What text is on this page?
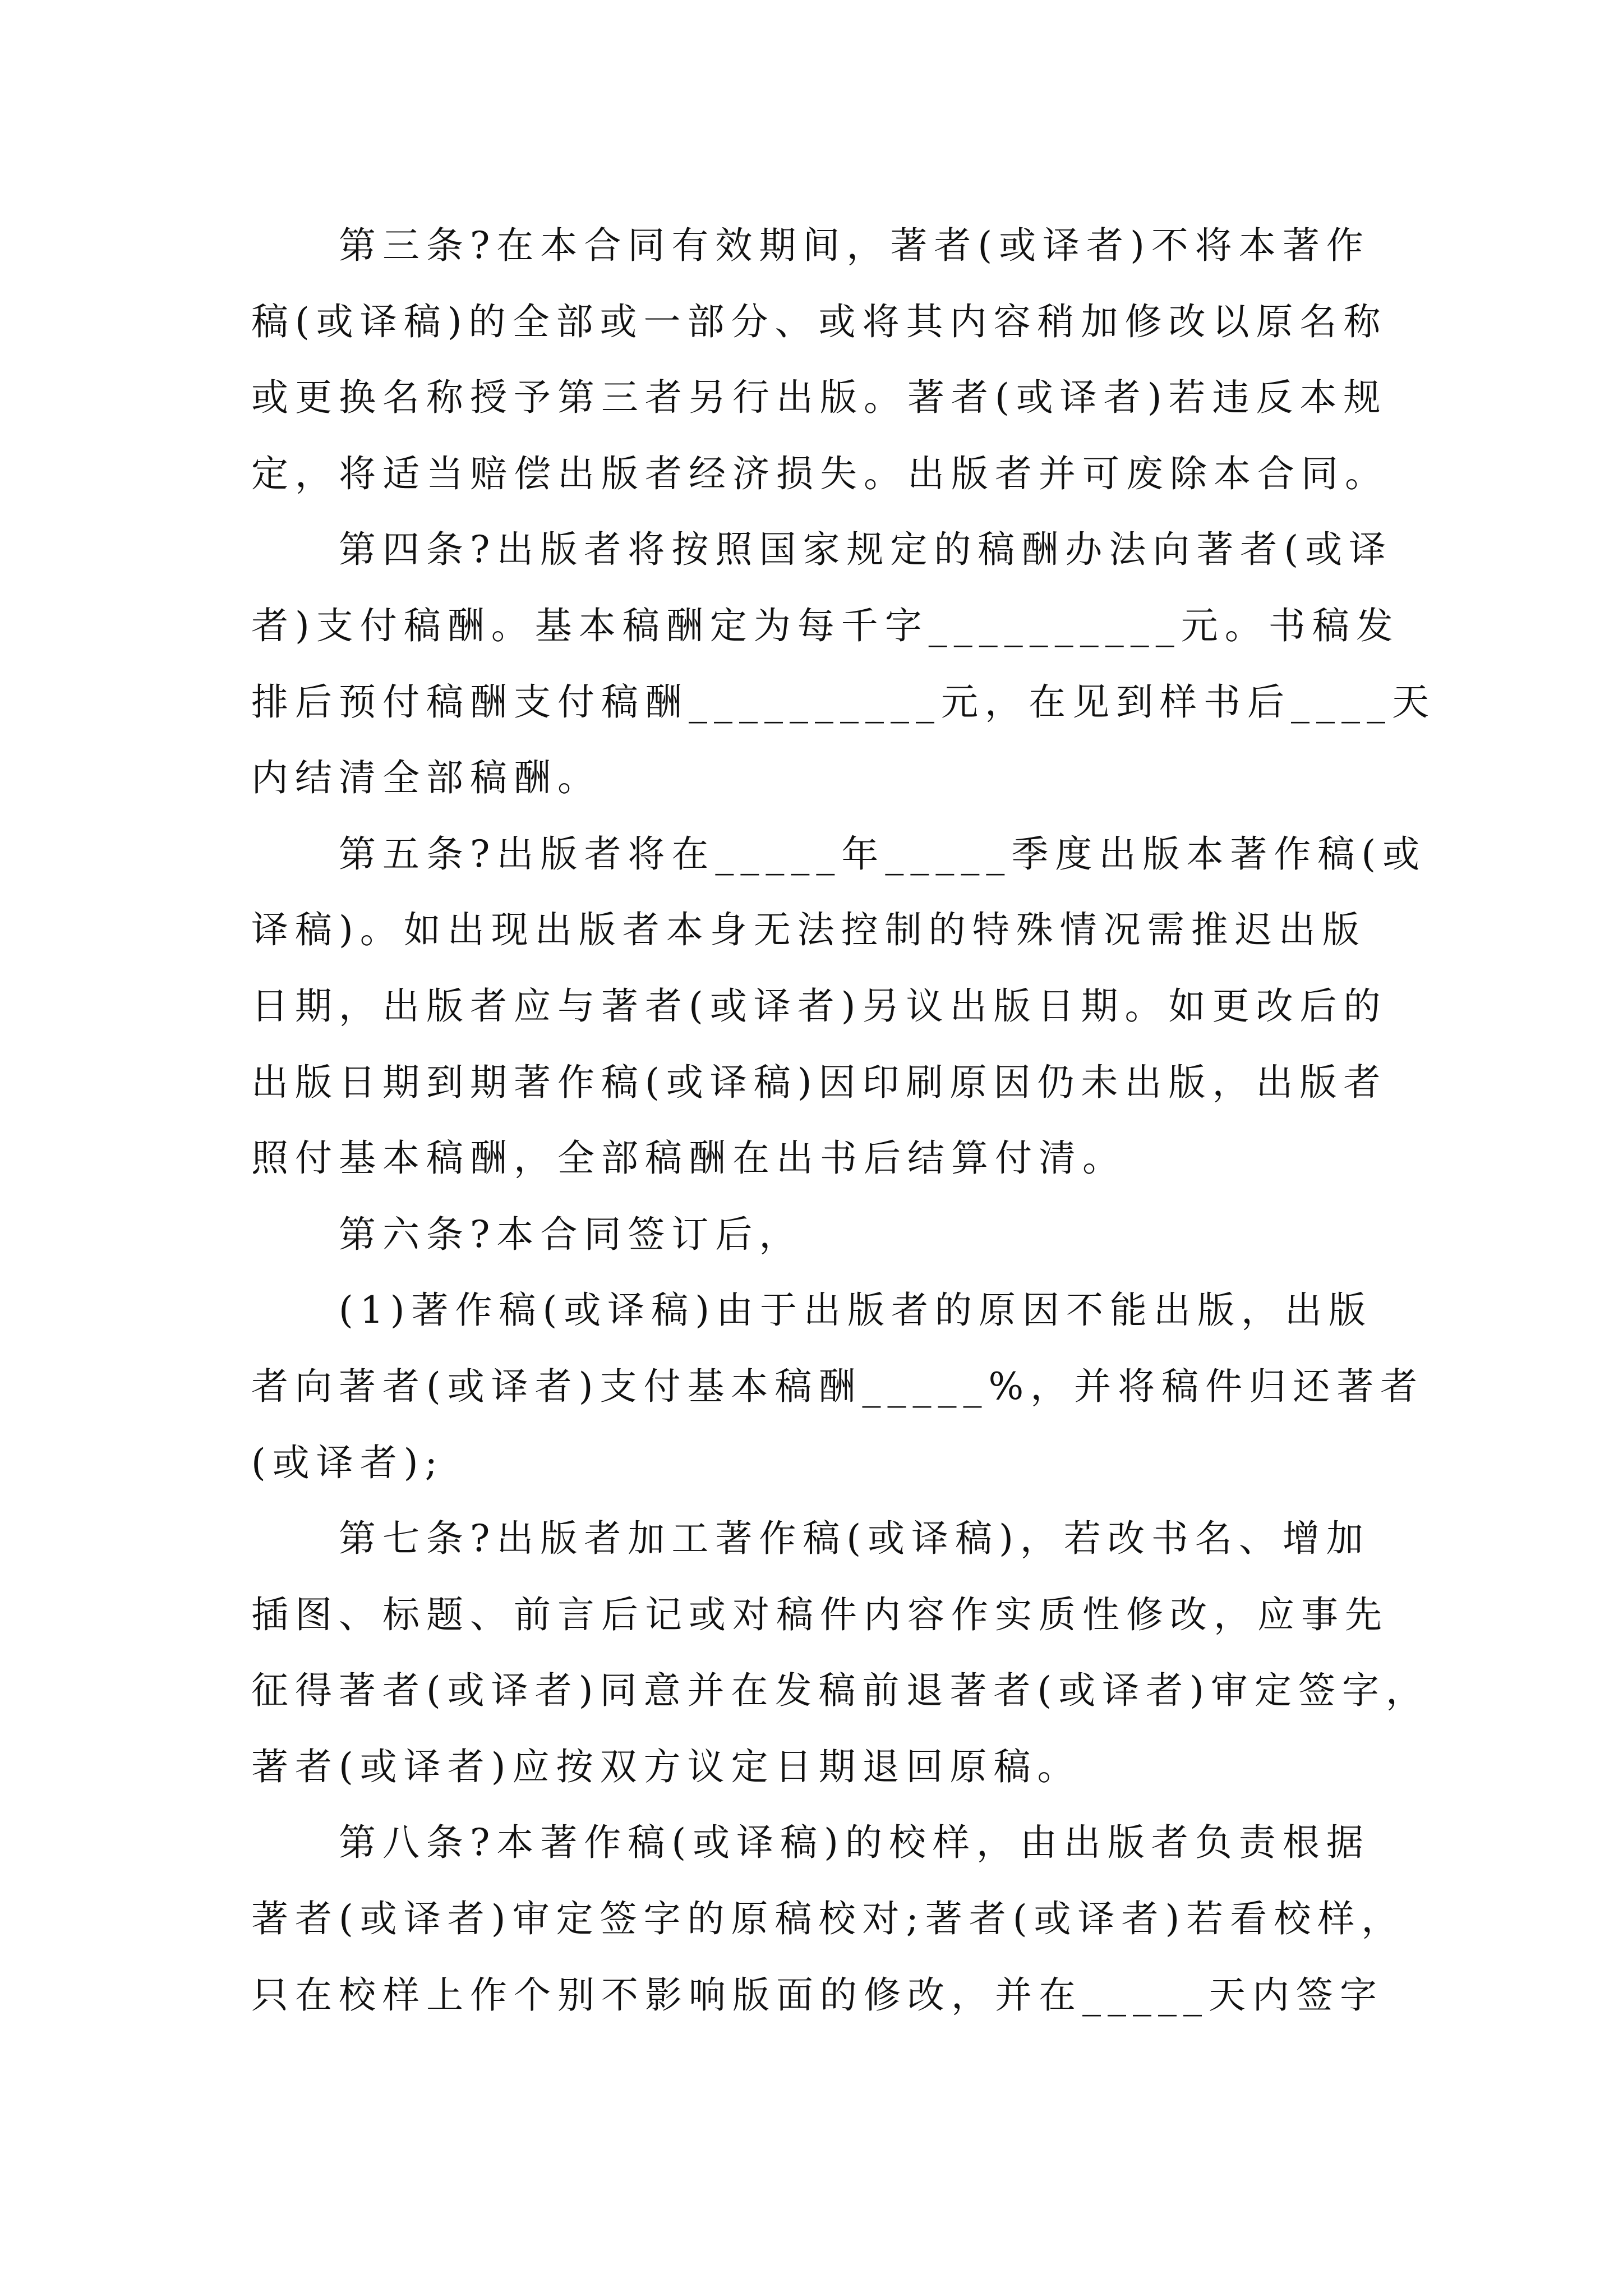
第三条?在本合同有效期间，著者(或译者)不将本著作
稿(或译稿)的全部或一部分、或将其内容稍加修改以原名称
或更换名称授予第三者另行出版。著者(或译者)若违反本规
定，将适当赔偿出版者经济损失。出版者并可废除本合同。
第四条?出版者将按照国家规定的稿酬办法向著者(或译
者)支付稿酬。基本稿酬定为每千字__________元。书稿发
排后预付稿酬支付稿酬__________元，在见到样书后____天
内结清全部稿酬。
第五条?出版者将在_____年_____季度出版本著作稿(或
译稿)。如出现出版者本身无法控制的特殊情况需推迟出版
日期，出版者应与著者(或译者)另议出版日期。如更改后的
出版日期到期著作稿(或译稿)因印刷原因仍未出版，出版者
照付基本稿酬，全部稿酬在出书后结算付清。
第六条?本合同签订后，
(1)著作稿(或译稿)由于出版者的原因不能出版，出版
者向著者(或译者)支付基本稿酬_____%，并将稿件归还著者
(或译者);
第七条?出版者加工著作稿(或译稿)，若改书名、增加
插图、标题、前言后记或对稿件内容作实质性修改，应事先
征得著者(或译者)同意并在发稿前退著者(或译者)审定签字，
著者(或译者)应按双方议定日期退回原稿。
第八条?本著作稿(或译稿)的校样，由出版者负责根据
著者(或译者)审定签字的原稿校对;著者(或译者)若看校样，
只在校样上作个别不影响版面的修改，并在_____天内签字
